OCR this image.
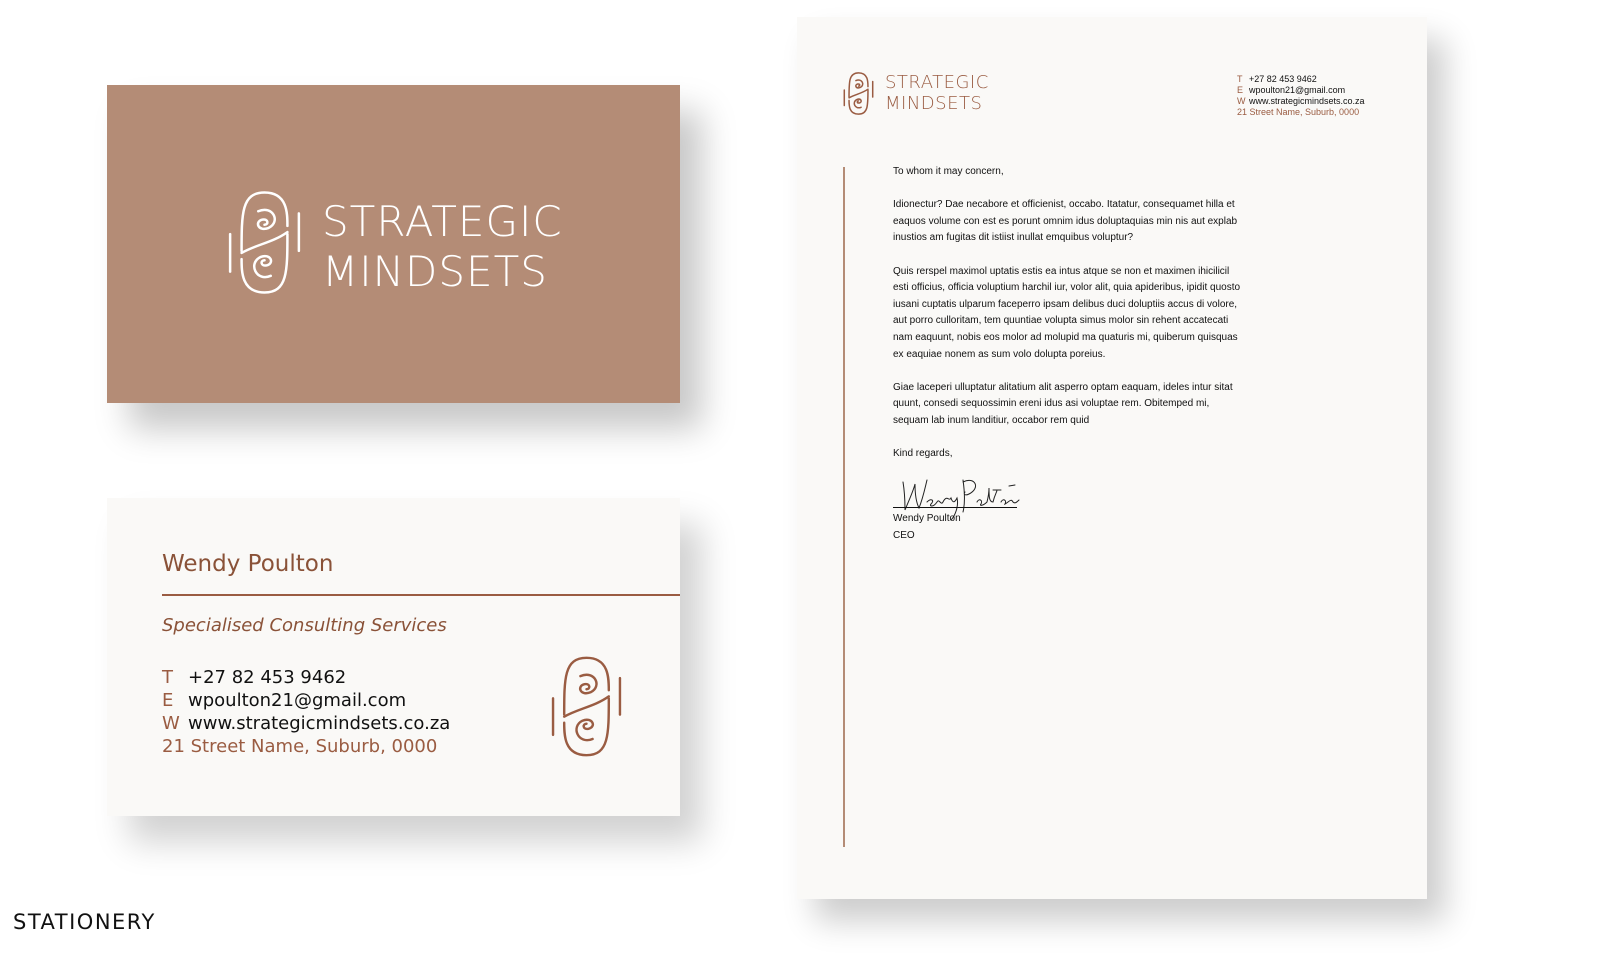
STRATEGIC
MINDSETS
Wendy Poulton
Specialised Consulting Services
T +27 82 453 9462
E wpoulton21@gmail.com
W www.strategicmindsets.co.za
21 Street Name, Suburb, 0000
STRATEGIC
MINDSETS
T +27 82 453 9462
E wpoulton21@gmail.com
W www.strategicmindsets.co.za
21 Street Name, Suburb, 0000

To whom it may concern,

Idionectur? Dae necabore et officienist, occabo. Itatatur, consequamet hilla et eaquos volume con est es porunt omnim idus doluptaquias min nis aut explab inustios am fugitas dit istiist inullat emquibus voluptur?

Quis rerspel maximol uptatis estis ea intus atque se non et maximen ihicilicil esti officius, officia voluptium harchil iur, volor alit, quia apideribus, ipidit quosto iusani cuptatis ulparum faceperro ipsam delibus duci doluptiis accus di volore, aut porro culloritam, tem quuntiae volupta simus molor sin rehent accatecati nam eaquunt, nobis eos molor ad molupid ma quaturis mi, quiberum quisquas ex eaquiae nonem as sum volo dolupta poreius.

Giae laceperi ulluptatur alitatium alit asperro optam eaquam, ideles intur sitat quunt, consedi sequossimin ereni idus asi voluptae rem. Obitemped mi, sequam lab inum landitiur, occabor rem quid

Kind regards,

Wendy Poulton
CEO
STATIONERY
